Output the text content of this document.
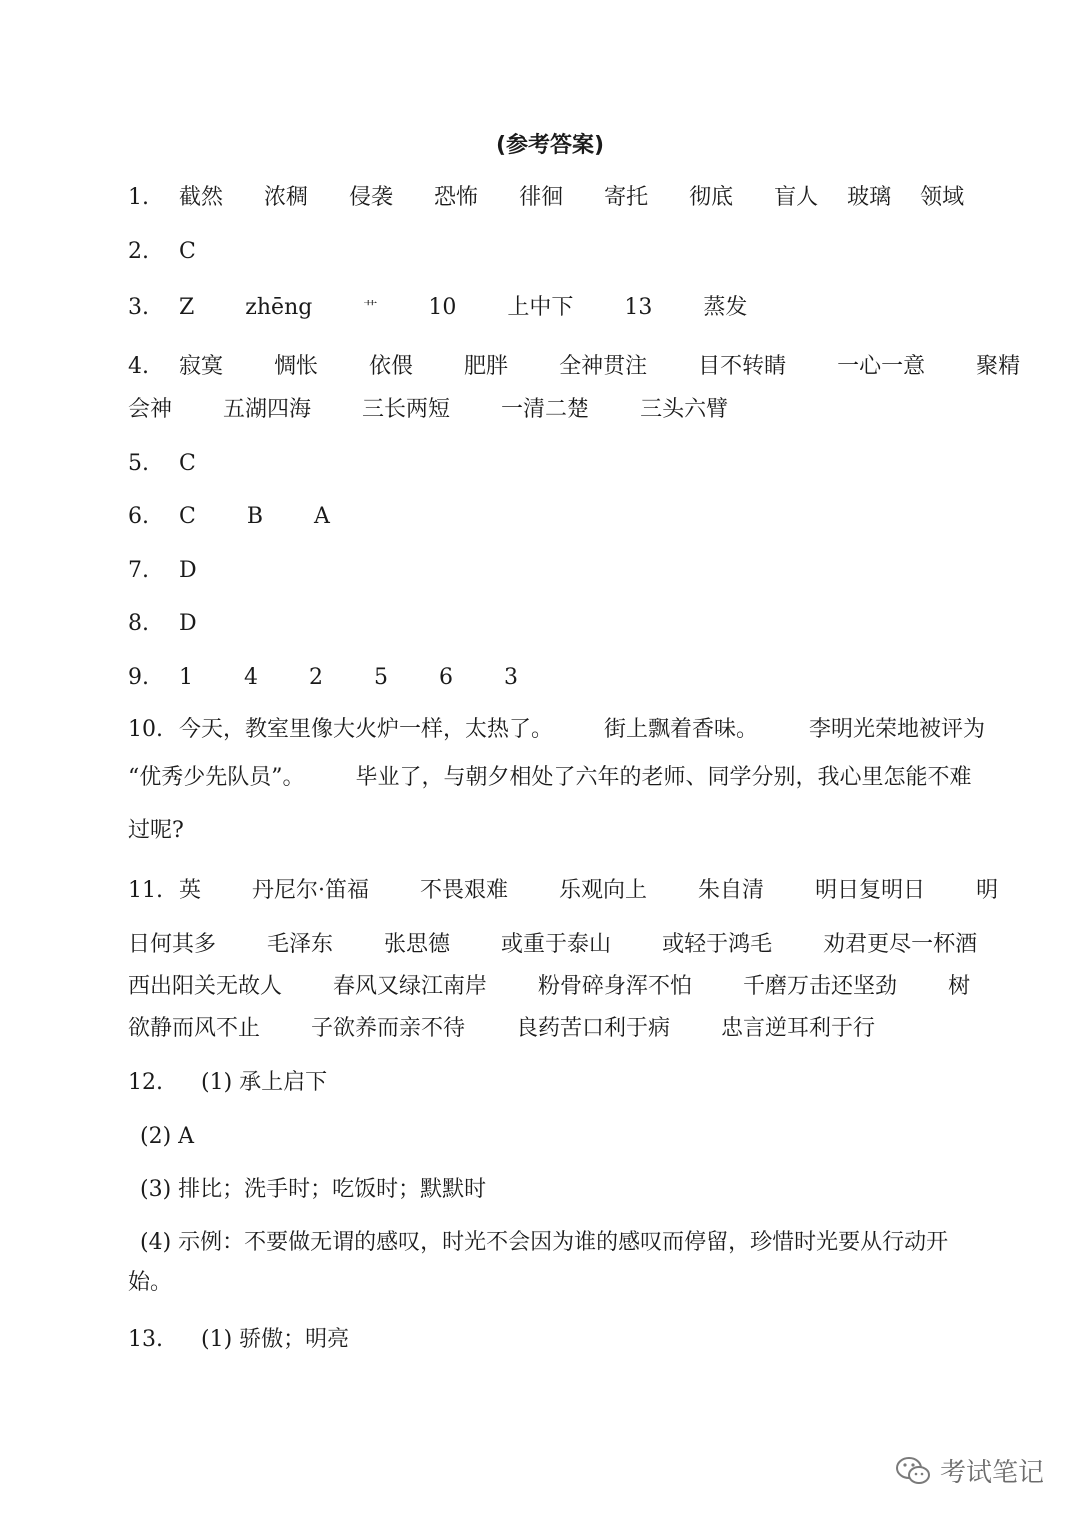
(参考答案)
1. 截然 浓稠 侵袭 恐怖 徘徊 寄托 彻底 盲人 玻璃 领域
2. C
3. Z zhēng	艹 10 上中下 13 蒸发
4. 寂寞 惆怅 依偎 肥胖 全神贯注 目不转睛 一心一意 聚精
会神 五湖四海 三长两短 一清二楚 三头六臂
5. C
6. C B A
7. D
8. D
9. 1 4 2 5 6 3
10. 今天，教室里像大火炉一样，太热了。 街上飘着香味。 李明光荣地被评为
“优秀少先队员”。 毕业了，与朝夕相处了六年的老师、同学分别，我心里怎能不难
过呢?
11. 英 丹尼尔·笛福 不畏艰难 乐观向上 朱自清 明日复明日 明
日何其多 毛泽东 张思德 或重于泰山 或轻于鸿毛 劝君更尽一杯酒
西出阳关无故人 春风又绿江南岸 粉骨碎身浑不怕 千磨万击还坚劲 树
欲静而风不止 子欲养而亲不待 良药苦口利于病 忠言逆耳利于行
12. (1) 承上启下
(2) A
(3) 排比；洗手时；吃饭时；默默时
(4) 示例：不要做无谓的感叹，时光不会因为谁的感叹而停留，珍惜时光要从行动开
始。
13. (1) 骄傲；明亮
考试笔记
